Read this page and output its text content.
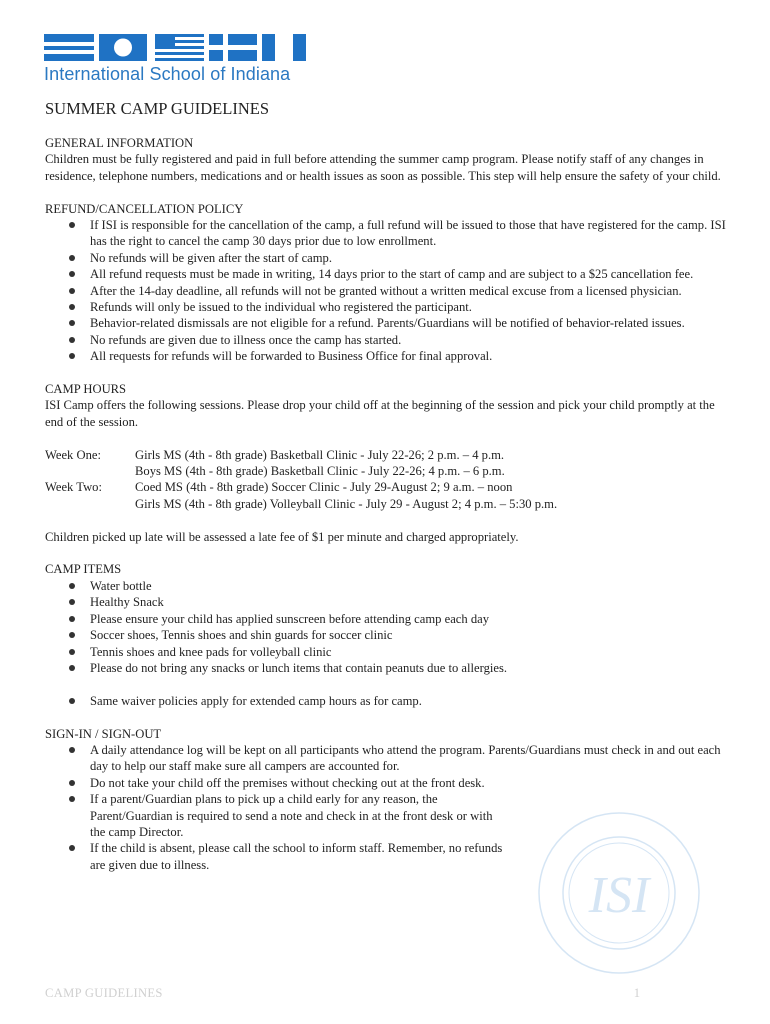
International School of Indiana
SUMMER CAMP GUIDELINES

GENERAL INFORMATION

Children must be fully registered and paid in full before attending the summer camp program. Please notify staff of any changes in residence, telephone numbers, medications and or health issues as soon as possible. This step will help ensure the safety of your child.

REFUND/CANCELLATION POLICY

If ISI is responsible for the cancellation of the camp, a full refund will be issued to those that have registered for the camp. ISI has the right to cancel the camp 30 days prior due to low enrollment.
No refunds will be given after the start of camp.
All refund requests must be made in writing, 14 days prior to the start of camp and are subject to a $25 cancellation fee.
After the 14-day deadline, all refunds will not be granted without a written medical excuse from a licensed physician.
Refunds will only be issued to the individual who registered the participant.
Behavior-related dismissals are not eligible for a refund. Parents/Guardians will be notified of behavior-related issues.
No refunds are given due to illness once the camp has started.
All requests for refunds will be forwarded to Business Office for final approval.

CAMP HOURS

ISI Camp offers the following sessions. Please drop your child off at the beginning of the session and pick your child promptly at the end of the session.

Week One:	Girls MS (4th - 8th grade) Basketball Clinic - July 22-26; 2 p.m. – 4 p.m.

Boys MS (4th - 8th grade) Basketball Clinic - July 22-26; 4 p.m. – 6 p.m.

Week Two:	Coed MS (4th - 8th grade) Soccer Clinic - July 29-August 2; 9 a.m. – noon

Girls MS (4th - 8th grade) Volleyball Clinic - July 29 - August 2; 4 p.m. – 5:30 p.m.

Children picked up late will be assessed a late fee of $1 per minute and charged appropriately.

CAMP ITEMS

Water bottle
Healthy Snack
Please ensure your child has applied sunscreen before attending camp each day
Soccer shoes, Tennis shoes and shin guards for soccer clinic
Tennis shoes and knee pads for volleyball clinic
Please do not bring any snacks or lunch items that contain peanuts due to allergies.
Same waiver policies apply for extended camp hours as for camp.

SIGN-IN / SIGN-OUT

A daily attendance log will be kept on all participants who attend the program. Parents/Guardians must check in and out each day to help our staff make sure all campers are accounted for.
Do not take your child off the premises without checking out at the front desk.
If a parent/Guardian plans to pick up a child early for any reason, the Parent/Guardian is required to send a note and check in at the front desk or with the camp Director.
If the child is absent, please call the school to inform staff. Remember, no refunds are given due to illness.
ISI
CAMP GUIDELINES	1
